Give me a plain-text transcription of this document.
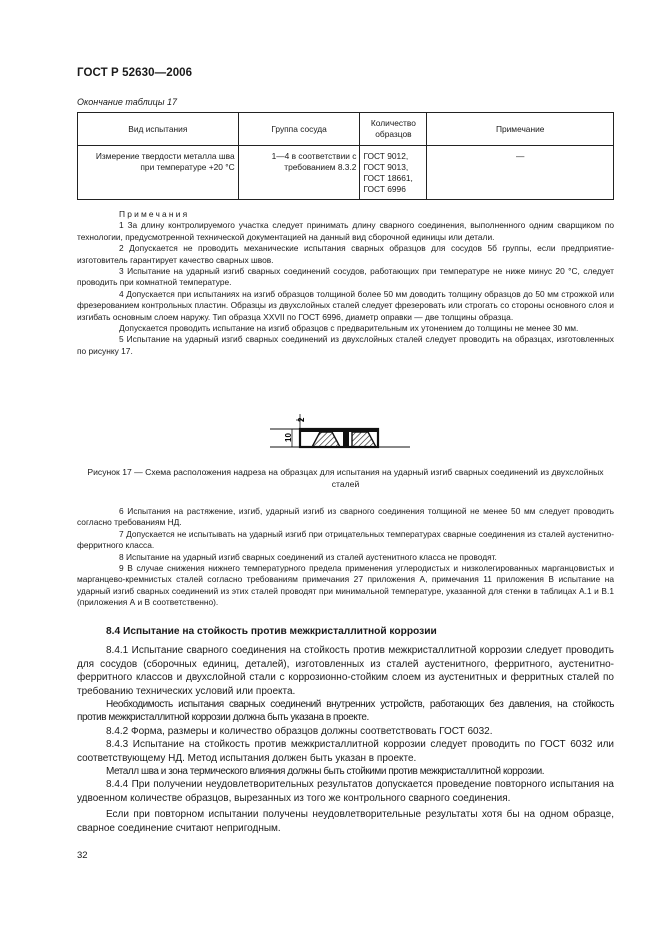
ГОСТ Р 52630—2006
Окончание таблицы 17
Вид испытания	Группа сосуда	Количество образцов	Примечание
Измерение твердости металла шва при температуре +20 °С	1—4 в соответствии с требованием 8.3.2	ГОСТ 9012,
ГОСТ 9013,
ГОСТ 18661,
ГОСТ 6996	—

Примечания

1 За длину контролируемого участка следует принимать длину сварного соединения, выполненного одним сварщиком по технологии, предусмотренной технической документацией на данный вид сборочной единицы или детали.

2 Допускается не проводить механические испытания сварных образцов для сосудов 5б группы, если предприятие-изготовитель гарантирует качество сварных швов.

3 Испытание на ударный изгиб сварных соединений сосудов, работающих при температуре не ниже минус 20 °С, следует проводить при комнатной температуре.

4 Допускается при испытаниях на изгиб образцов толщиной более 50 мм доводить толщину образцов до 50 мм строжкой или фрезерованием контрольных пластин. Образцы из двухслойных сталей следует фрезеровать или строгать со стороны основного слоя и изгибать основным слоем наружу. Тип образца XXVII по ГОСТ 6996, диаметр оправки — две толщины образца.

Допускается проводить испытание на изгиб образцов с предварительным их утонением до толщины не менее 30 мм.

5 Испытание на ударный изгиб сварных соединений из двухслойных сталей следует проводить на образцах, изготовленных по рисунку 17.

2
10
Рисунок 17 — Схема расположения надреза на образцах для испытания на ударный изгиб сварных соединений из двухслойных сталей

6 Испытания на растяжение, изгиб, ударный изгиб из сварного соединения толщиной не менее 50 мм следует проводить согласно требованиям НД.

7 Допускается не испытывать на ударный изгиб при отрицательных температурах сварные соединения из сталей аустенитно-ферритного класса.

8 Испытание на ударный изгиб сварных соединений из сталей аустенитного класса не проводят.

9 В случае снижения нижнего температурного предела применения углеродистых и низколегированных марганцовистых и марганцево-кремнистых сталей согласно требованиям примечания 27 приложения А, примечания 11 приложения В испытание на ударный изгиб сварных соединений из этих сталей проводят при минимальной температуре, указанной для стенки в таблицах А.1 и В.1 (приложения А и В соответственно).

8.4 Испытание на стойкость против межкристаллитной коррозии

8.4.1 Испытание сварного соединения на стойкость против межкристаллитной коррозии следует проводить для сосудов (сборочных единиц, деталей), изготовленных из сталей аустенитного, ферритного, аустенитно-ферритного классов и двухслойной стали с коррозионно-стойким слоем из аустенитных и ферритных сталей по требованию технических условий или проекта.

Необходимость испытания сварных соединений внутренних устройств, работающих без давления, на стойкость против межкристаллитной коррозии должна быть указана в проекте.

8.4.2 Форма, размеры и количество образцов должны соответствовать ГОСТ 6032.

8.4.3 Испытание на стойкость против межкристаллитной коррозии следует проводить по ГОСТ 6032 или соответствующему НД. Метод испытания должен быть указан в проекте.

Металл шва и зона термического влияния должны быть стойкими против межкристаллитной коррозии.

8.4.4 При получении неудовлетворительных результатов допускается проведение повторного испытания на удвоенном количестве образцов, вырезанных из того же контрольного сварного соединения.

Если при повторном испытании получены неудовлетворительные результаты хотя бы на одном образце, сварное соединение считают непригодным.

32
